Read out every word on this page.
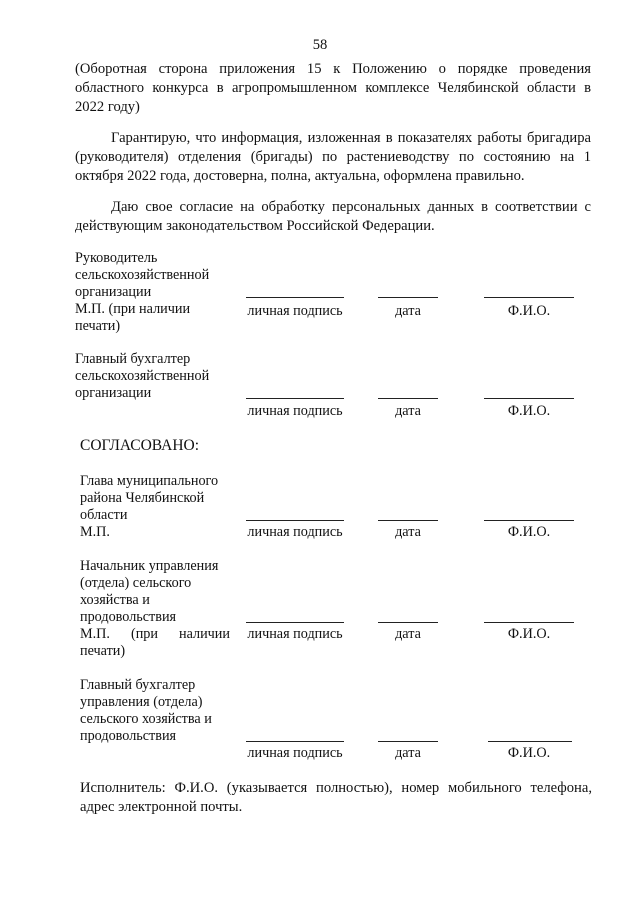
58
(Оборотная сторона приложения 15 к Положению о порядке проведения областного конкурса в агропромышленном комплексе Челябинской области в 2022 году)
Гарантирую, что информация, изложенная в показателях работы бригадира (руководителя) отделения (бригады) по растениеводству по состоянию на 1 октября 2022 года, достоверна, полна, актуальна, оформлена правильно.
Даю свое согласие на обработку персональных данных в соответствии с действующим законодательством Российской Федерации.
Руководитель
сельскохозяйственной
организации
М.П. (при наличии печати)
личная подпись	дата	Ф.И.О.
Главный бухгалтер
сельскохозяйственной
организации
личная подпись	дата	Ф.И.О.
СОГЛАСОВАНО:
Глава муниципального
района Челябинской
области
М.П.	личная подпись	дата	Ф.И.О.
Начальник управления
(отдела) сельского
хозяйства и
продовольствия
М.П. (при наличии печати)
личная подпись	дата	Ф.И.О.
Главный бухгалтер
управления (отдела)
сельского хозяйства и
продовольствия
личная подпись	дата	Ф.И.О.
Исполнитель: Ф.И.О. (указывается полностью), номер мобильного телефона, адрес электронной почты.
